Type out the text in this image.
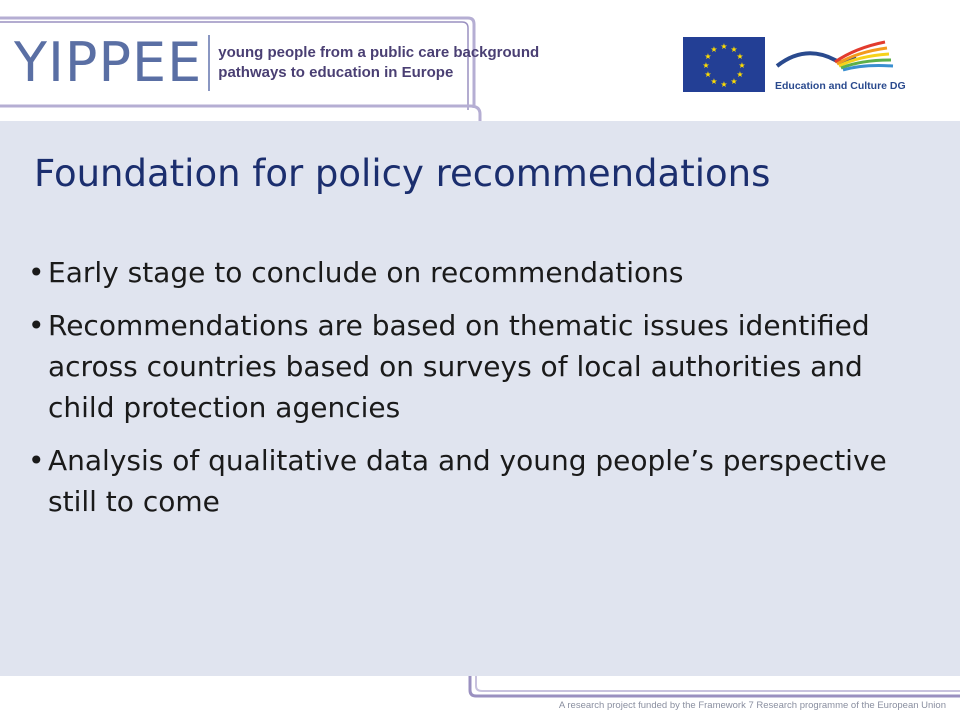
YIPPEE young people from a public care background
pathways to education in Europe
★ ★
★
★
★
★
★
★
★
★
★
★
Education and Culture DG
Foundation for policy recommendations
• Early stage to conclude on recommendations
• Recommendations are based on thematic issues identified across countries based on surveys of local authorities and child protection agencies
• Analysis of qualitative data and young people’s perspective still to come
A research project funded by the Framework 7 Research programme of the European Union
